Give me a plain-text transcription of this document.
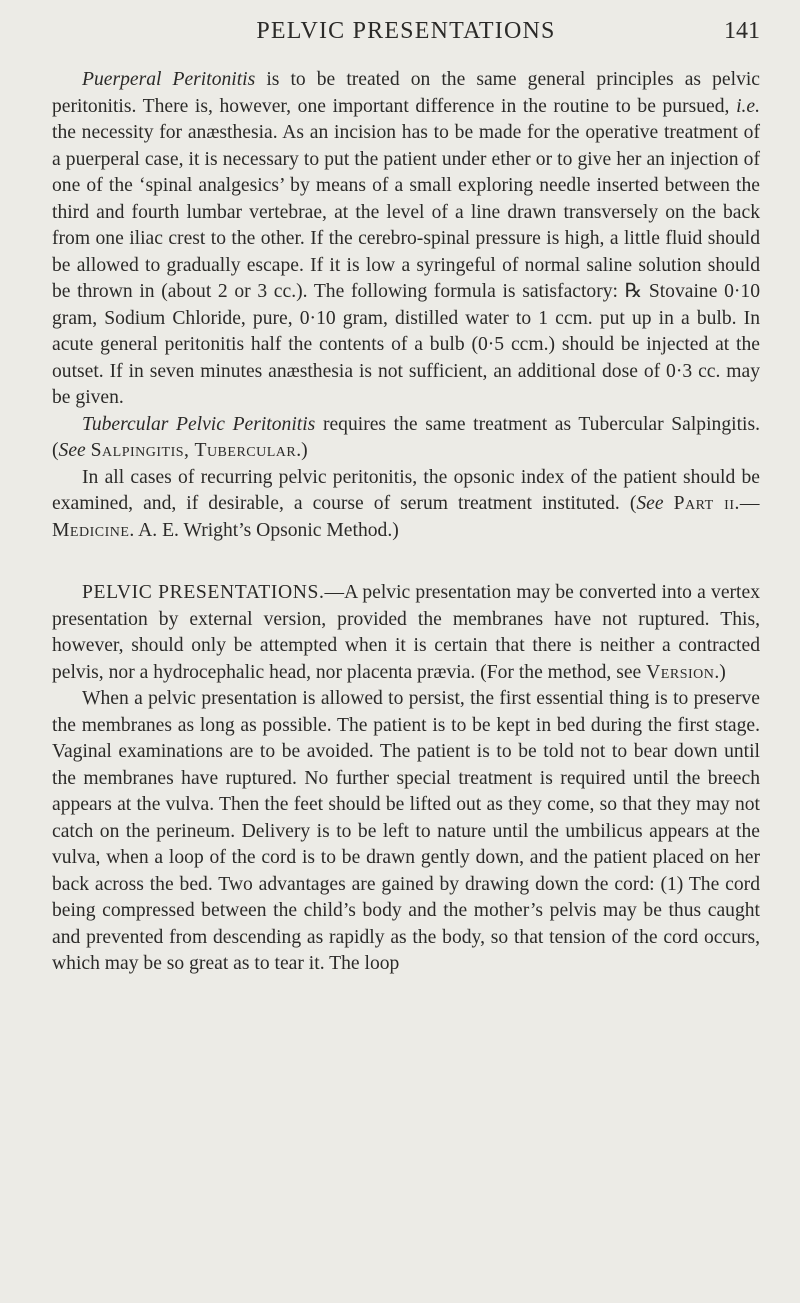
PELVIC PRESENTATIONS	141

Puerperal Peritonitis is to be treated on the same general principles as pelvic peritonitis. There is, however, one important difference in the routine to be pursued, i.e. the necessity for anæsthesia. As an incision has to be made for the operative treatment of a puerperal case, it is necessary to put the patient under ether or to give her an injection of one of the ‘spinal analgesics’ by means of a small exploring needle inserted between the third and fourth lumbar vertebrae, at the level of a line drawn transversely on the back from one iliac crest to the other. If the cerebro-spinal pressure is high, a little fluid should be allowed to gradually escape. If it is low a syringeful of normal saline solution should be thrown in (about 2 or 3 cc.). The following formula is satisfactory: ℞ Stovaine 0·10 gram, Sodium Chloride, pure, 0·10 gram, distilled water to 1 ccm. put up in a bulb. In acute general peritonitis half the contents of a bulb (0·5 ccm.) should be injected at the outset. If in seven minutes anæsthesia is not sufficient, an additional dose of 0·3 cc. may be given.

Tubercular Pelvic Peritonitis requires the same treatment as Tubercular Salpingitis. (See Salpingitis, Tubercular.)

In all cases of recurring pelvic peritonitis, the opsonic index of the patient should be examined, and, if desirable, a course of serum treatment instituted. (See Part ii.—Medicine. A. E. Wright’s Opsonic Method.)

PELVIC PRESENTATIONS.—A pelvic presentation may be converted into a vertex presentation by external version, provided the membranes have not ruptured. This, however, should only be attempted when it is certain that there is neither a contracted pelvis, nor a hydrocephalic head, nor placenta prævia. (For the method, see Version.)

When a pelvic presentation is allowed to persist, the first essential thing is to preserve the membranes as long as possible. The patient is to be kept in bed during the first stage. Vaginal examinations are to be avoided. The patient is to be told not to bear down until the membranes have ruptured. No further special treatment is required until the breech appears at the vulva. Then the feet should be lifted out as they come, so that they may not catch on the perineum. Delivery is to be left to nature until the umbilicus appears at the vulva, when a loop of the cord is to be drawn gently down, and the patient placed on her back across the bed. Two advantages are gained by drawing down the cord: (1) The cord being compressed between the child’s body and the mother’s pelvis may be thus caught and prevented from descending as rapidly as the body, so that tension of the cord occurs, which may be so great as to tear it. The loop
